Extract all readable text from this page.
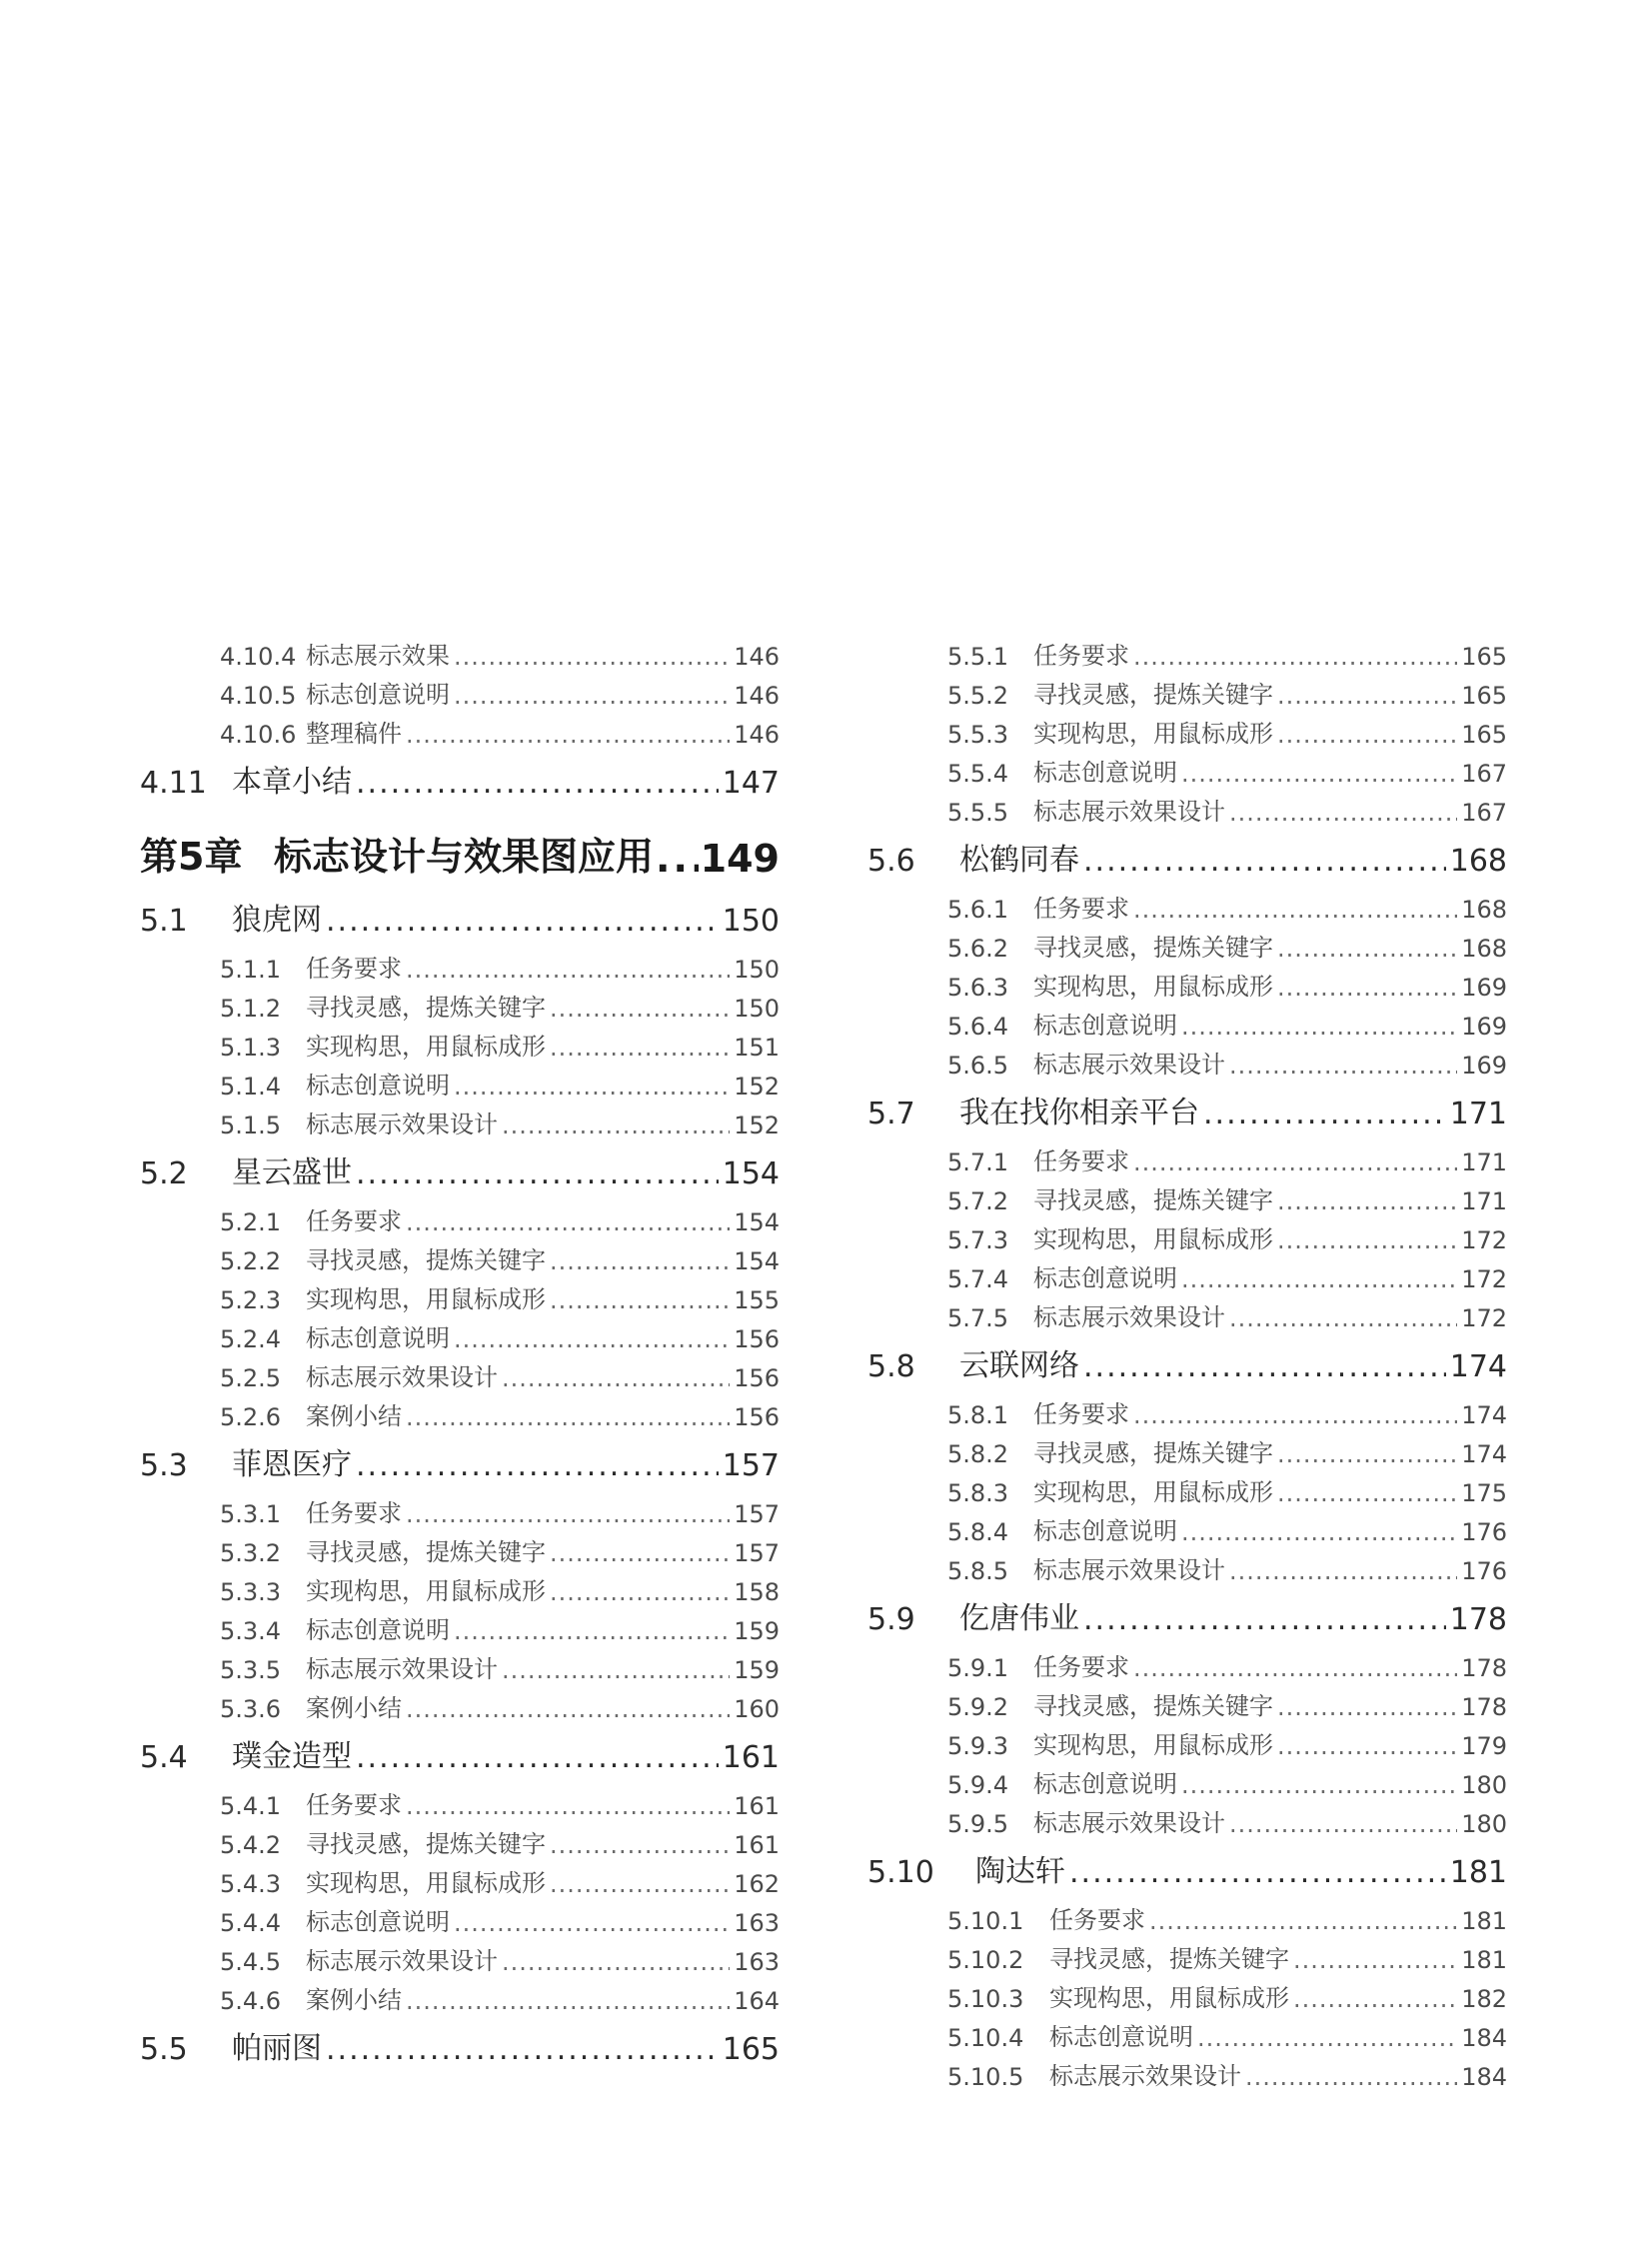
4.10.4 标志展示效果 .....	146
4.10.5 标志创意说明 .....	146
4.10.6 整理稿件 .....	146
4.11 本章小结 .....	147
第5章 标志设计与效果图应用 ..... 149
5.1	狼虎网 .....	150
5.1.1	任务要求 .....	150
5.1.2	寻找灵感，提炼关键字 .....	150
5.1.3	实现构思，用鼠标成形 .....	151
5.1.4	标志创意说明 .....	152
5.1.5	标志展示效果设计 .....	152
5.2	星云盛世 .....	154
5.2.1	任务要求 .....	154
5.2.2	寻找灵感，提炼关键字 .....	154
5.2.3	实现构思，用鼠标成形 .....	155
5.2.4	标志创意说明 .....	156
5.2.5	标志展示效果设计 .....	156
5.2.6	案例小结 .....	156
5.3	菲恩医疗 .....	157
5.3.1	任务要求 .....	157
5.3.2	寻找灵感，提炼关键字 .....	157
5.3.3	实现构思，用鼠标成形 .....	158
5.3.4	标志创意说明 .....	159
5.3.5	标志展示效果设计 .....	159
5.3.6	案例小结 .....	160
5.4	璞金造型 .....	161
5.4.1	任务要求 .....	161
5.4.2	寻找灵感，提炼关键字 .....	161
5.4.3	实现构思，用鼠标成形 .....	162
5.4.4	标志创意说明 .....	163
5.4.5	标志展示效果设计 .....	163
5.4.6	案例小结 .....	164
5.5	帕丽图 .....	165
5.5.1	任务要求 .....	165
5.5.2	寻找灵感，提炼关键字 .....	165
5.5.3	实现构思，用鼠标成形 .....	165
5.5.4	标志创意说明 .....	167
5.5.5	标志展示效果设计 .....	167
5.6	松鹤同春 .....	168
5.6.1	任务要求 .....	168
5.6.2	寻找灵感，提炼关键字 .....	168
5.6.3	实现构思，用鼠标成形 .....	169
5.6.4	标志创意说明 .....	169
5.6.5	标志展示效果设计 .....	169
5.7	我在找你相亲平台 .....	171
5.7.1	任务要求 .....	171
5.7.2	寻找灵感，提炼关键字 .....	171
5.7.3	实现构思，用鼠标成形 .....	172
5.7.4	标志创意说明 .....	172
5.7.5	标志展示效果设计 .....	172
5.8	云联网络 .....	174
5.8.1	任务要求 .....	174
5.8.2	寻找灵感，提炼关键字 .....	174
5.8.3	实现构思，用鼠标成形 .....	175
5.8.4	标志创意说明 .....	176
5.8.5	标志展示效果设计 .....	176
5.9	仡唐伟业 .....	178
5.9.1	任务要求 .....	178
5.9.2	寻找灵感，提炼关键字 .....	178
5.9.3	实现构思，用鼠标成形 .....	179
5.9.4	标志创意说明 .....	180
5.9.5	标志展示效果设计 .....	180
5.10	陶达轩 .....	181
5.10.1	任务要求 .....	181
5.10.2	寻找灵感，提炼关键字 .....	181
5.10.3	实现构思，用鼠标成形 .....	182
5.10.4	标志创意说明 .....	184
5.10.5	标志展示效果设计 .....	184
